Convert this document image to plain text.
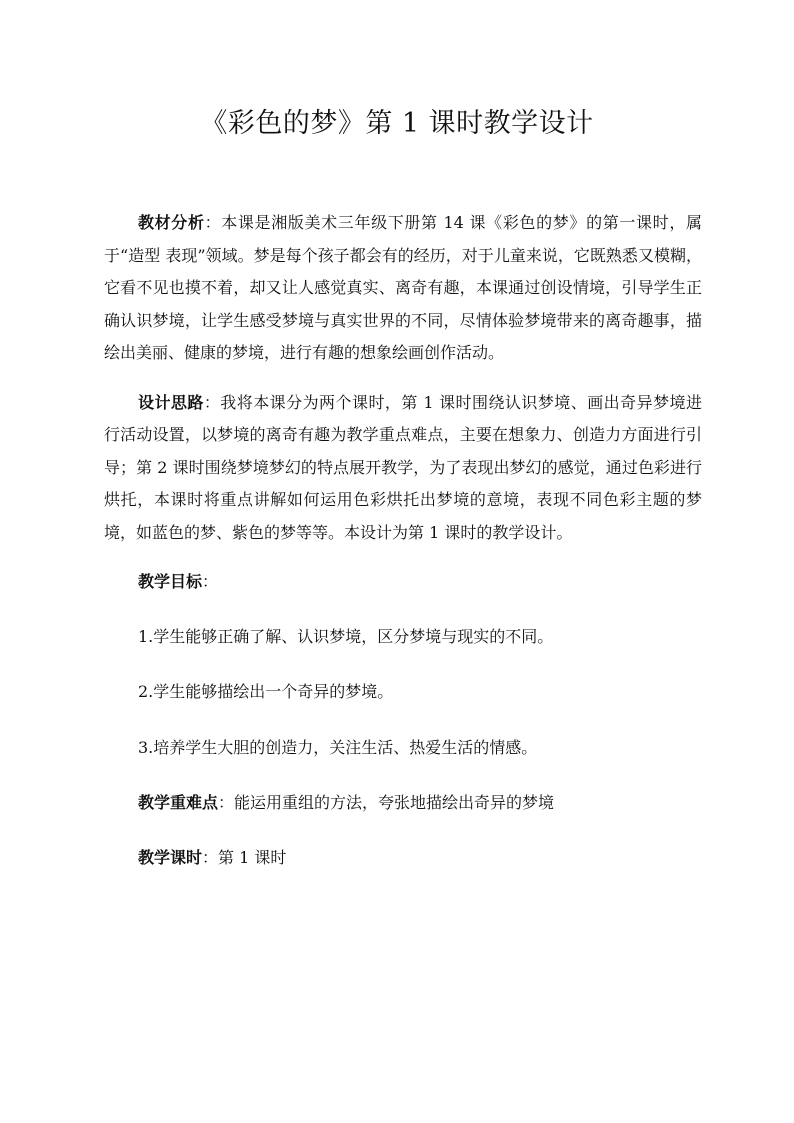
《彩色的梦》第 1 课时教学设计

教材分析：本课是湘版美术三年级下册第 14 课《彩色的梦》的第一课时，属于“造型 表现”领域。梦是每个孩子都会有的经历，对于儿童来说，它既熟悉又模糊，它看不见也摸不着，却又让人感觉真实、离奇有趣，本课通过创设情境，引导学生正确认识梦境，让学生感受梦境与真实世界的不同，尽情体验梦境带来的离奇趣事，描绘出美丽、健康的梦境，进行有趣的想象绘画创作活动。

设计思路：我将本课分为两个课时，第 1 课时围绕认识梦境、画出奇异梦境进行活动设置，以梦境的离奇有趣为教学重点难点，主要在想象力、创造力方面进行引导；第 2 课时围绕梦境梦幻的特点展开教学，为了表现出梦幻的感觉，通过色彩进行烘托，本课时将重点讲解如何运用色彩烘托出梦境的意境，表现不同色彩主题的梦境，如蓝色的梦、紫色的梦等等。本设计为第 1 课时的教学设计。

教学目标：

1.学生能够正确了解、认识梦境，区分梦境与现实的不同。

2.学生能够描绘出一个奇异的梦境。

3.培养学生大胆的创造力，关注生活、热爱生活的情感。

教学重难点：能运用重组的方法，夸张地描绘出奇异的梦境

教学课时：第 1 课时
